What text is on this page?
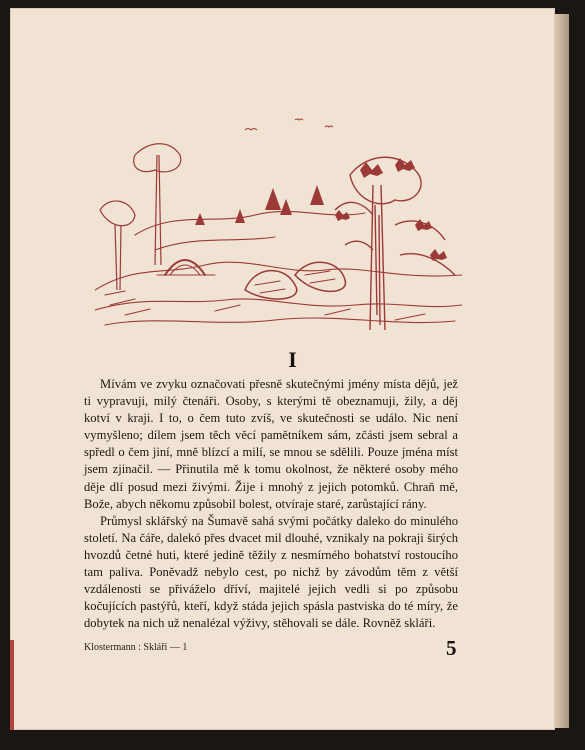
I

Mívám ve zvyku označovati přesně skutečnými jmény místa dějů, jež ti vypravuji, milý čtenáři. Osoby, s kterými tě obeznamuji, žily, a děj kotví v kraji. I to, o čem tuto zvíš, ve skutečnosti se událo. Nic není vymyšleno; dílem jsem těch věcí pamětníkem sám, zčásti jsem sebral a spředl o čem jiní, mně blízcí a milí, se mnou se sdělili. Pouze jména míst jsem zjinačil. — Přinutila mě k tomu okolnost, že některé osoby mého děje dlí posud mezi živými. Žije i mnohý z jejich potomků. Chraň mě, Bože, abych někomu způsobil bolest, otvíraje staré, zarůstající rány.

Průmysl sklářský na Šumavě sahá svými počátky daleko do minulého století. Na čáře, dalekó přes dvacet mil dlouhé, vznikaly na pokraji širých hvozdů četné huti, které jedině těžily z nesmírného bohatství rostoucího tam paliva. Poněvadž nebylo cest, po nichž by závodům těm z větší vzdálenosti se přiváželo dříví, majitelé jejich vedli si po způsobu kočujících pastýřů, kteří, když stáda jejich spásla pastviska do té míry, že dobytek na nich už nenalézal výživy, stěhovali se dále. Rovněž skláři.

Klostermann : Skláři — 1	5
